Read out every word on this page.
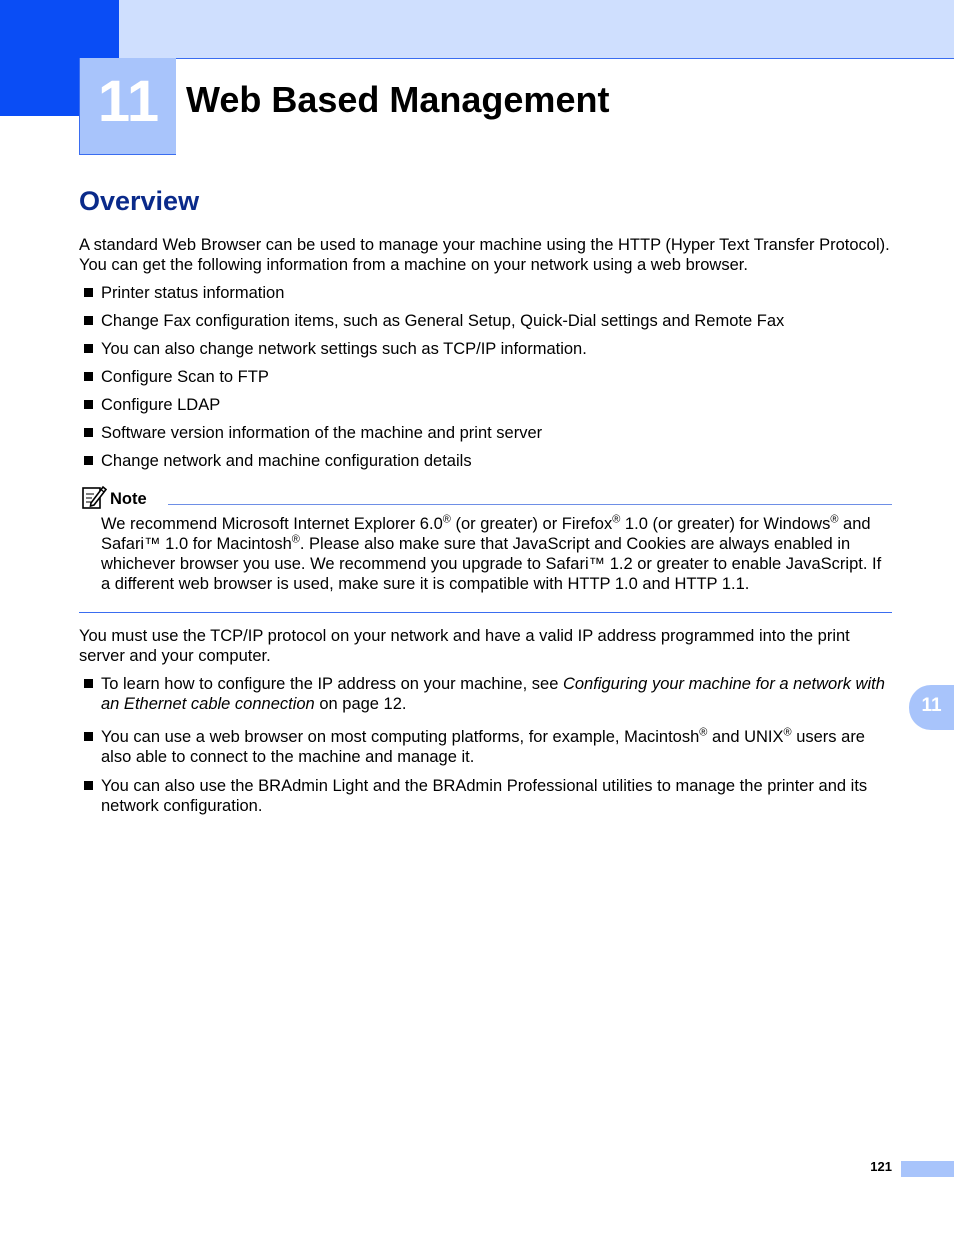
11 Web Based Management
Overview

A standard Web Browser can be used to manage your machine using the HTTP (Hyper Text Transfer Protocol). You can get the following information from a machine on your network using a web browser.

Printer status information
Change Fax configuration items, such as General Setup, Quick-Dial settings and Remote Fax
You can also change network settings such as TCP/IP information.
Configure Scan to FTP
Configure LDAP
Software version information of the machine and print server
Change network and machine configuration details
Note

We recommend Microsoft Internet Explorer 6.0® (or greater) or Firefox® 1.0 (or greater) for Windows® and Safari™ 1.0 for Macintosh®. Please also make sure that JavaScript and Cookies are always enabled in whichever browser you use. We recommend you upgrade to Safari™ 1.2 or greater to enable JavaScript. If a different web browser is used, make sure it is compatible with HTTP 1.0 and HTTP 1.1.

You must use the TCP/IP protocol on your network and have a valid IP address programmed into the print server and your computer.

To learn how to configure the IP address on your machine, see Configuring your machine for a network with an Ethernet cable connection on page 12.
You can use a web browser on most computing platforms, for example, Macintosh® and UNIX® users are also able to connect to the machine and manage it.
You can also use the BRAdmin Light and the BRAdmin Professional utilities to manage the printer and its network configuration.
11
121
